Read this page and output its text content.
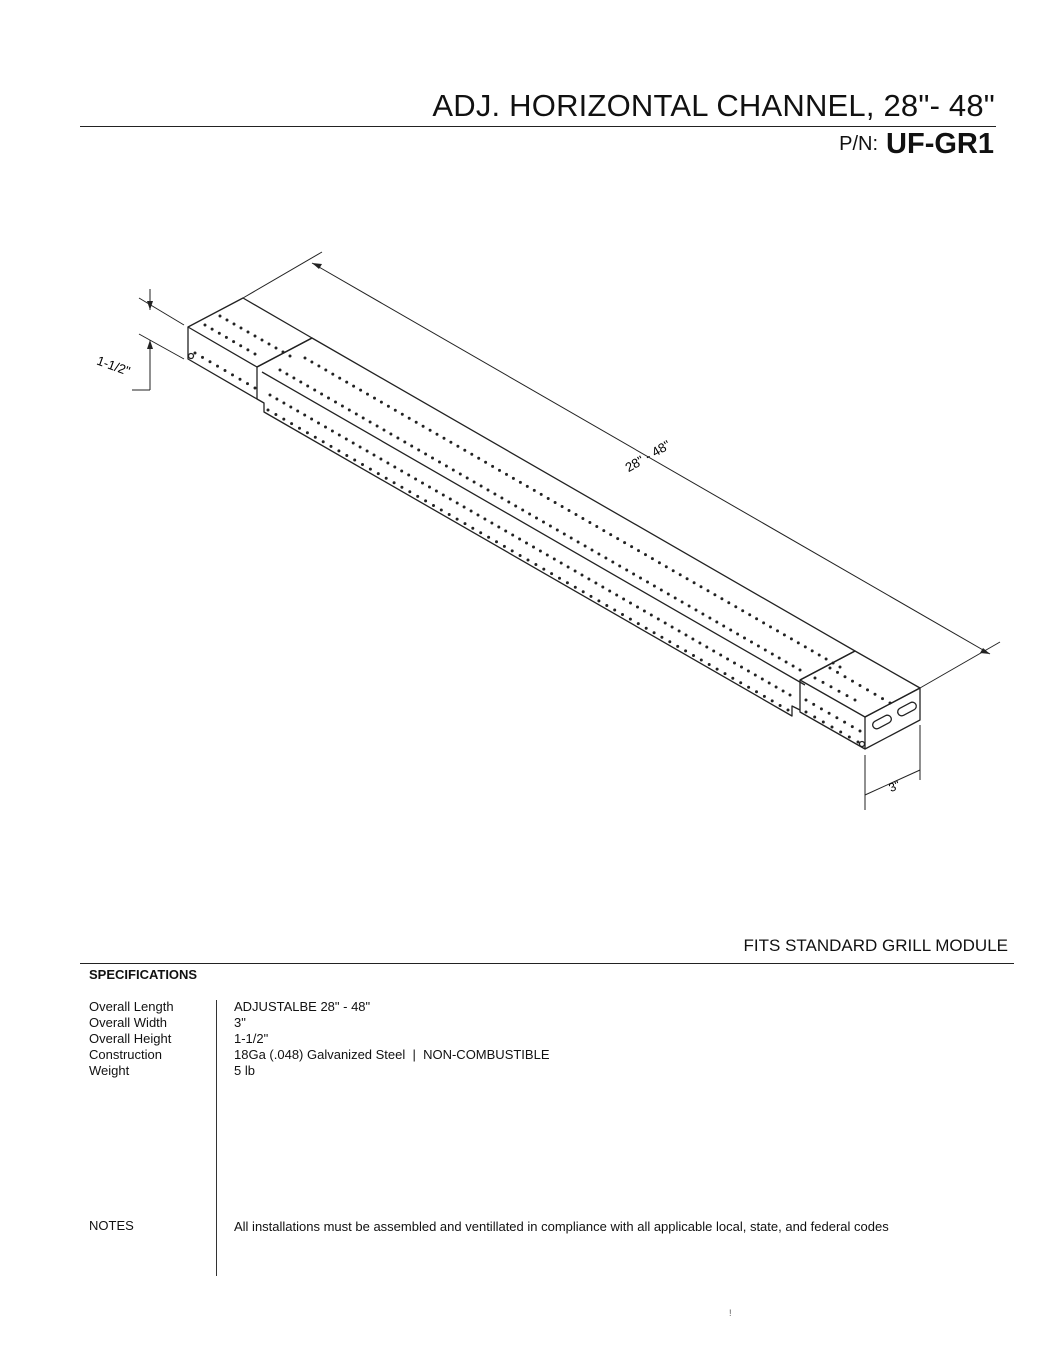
ADJ. HORIZONTAL CHANNEL, 28"- 48"
P/N: UF-GR1
28" - 48"
1-1/2"
3"
FITS STANDARD GRILL MODULE
SPECIFICATIONS
Overall Length
Overall Width
Overall Height
Construction
Weight
ADJUSTALBE 28" - 48"
3"
1-1/2"
18Ga (.048) Galvanized Steel  |  NON-COMBUSTIBLE
5 lb
NOTES	All installations must be assembled and ventillated in compliance with all applicable local, state, and federal codes
!
